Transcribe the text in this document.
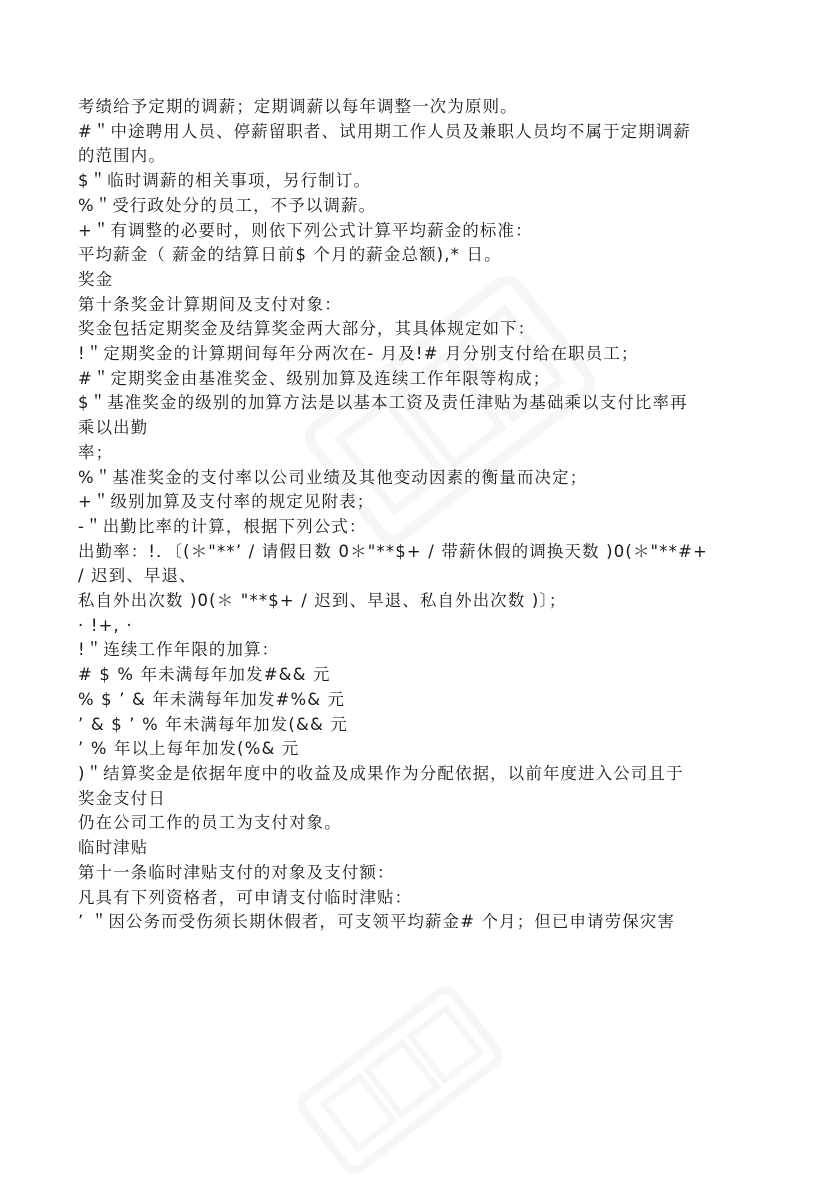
考绩给予定期的调薪；定期调薪以每年调整一次为原则。

#＂中途聘用人员、停薪留职者、试用期工作人员及兼职人员均不属于定期调薪

的范围内。

$＂临时调薪的相关事项，另行制订。

%＂受行政处分的员工，不予以调薪。

+＂有调整的必要时，则依下列公式计算平均薪金的标准：

平均薪金（ 薪金的结算日前$ 个月的薪金总额),* 日。

奖金

第十条奖金计算期间及支付对象：

奖金包括定期奖金及结算奖金两大部分，其具体规定如下：

!＂定期奖金的计算期间每年分两次在- 月及!# 月分别支付给在职员工；

#＂定期奖金由基准奖金、级别加算及连续工作年限等构成；

$＂基准奖金的级别的加算方法是以基本工资及责任津贴为基础乘以支付比率再

乘以出勤

率；

%＂基准奖金的支付率以公司业绩及其他变动因素的衡量而决定；

+＂级别加算及支付率的规定见附表；

-＂出勤比率的计算，根据下列公式：

出勤率：!．〔(＊"**’ / 请假日数 0＊"**$+ / 带薪休假的调换天数 )0(＊"**#+

/ 迟到、早退、

私自外出次数 )0(＊ "**$+ / 迟到、早退、私自外出次数 )〕；

· !+, ·

!＂连续工作年限的加算：

# $ % 年未满每年加发#&& 元

% $ ’ & 年未满每年加发#%& 元

’ & $ ’ % 年未满每年加发(&& 元

’ % 年以上每年加发(%& 元

)＂结算奖金是依据年度中的收益及成果作为分配依据，以前年度进入公司且于

奖金支付日

仍在公司工作的员工为支付对象。

临时津贴

第十一条临时津贴支付的对象及支付额：

凡具有下列资格者，可申请支付临时津贴：

’ ＂因公务而受伤须长期休假者，可支领平均薪金# 个月；但已申请劳保灾害
